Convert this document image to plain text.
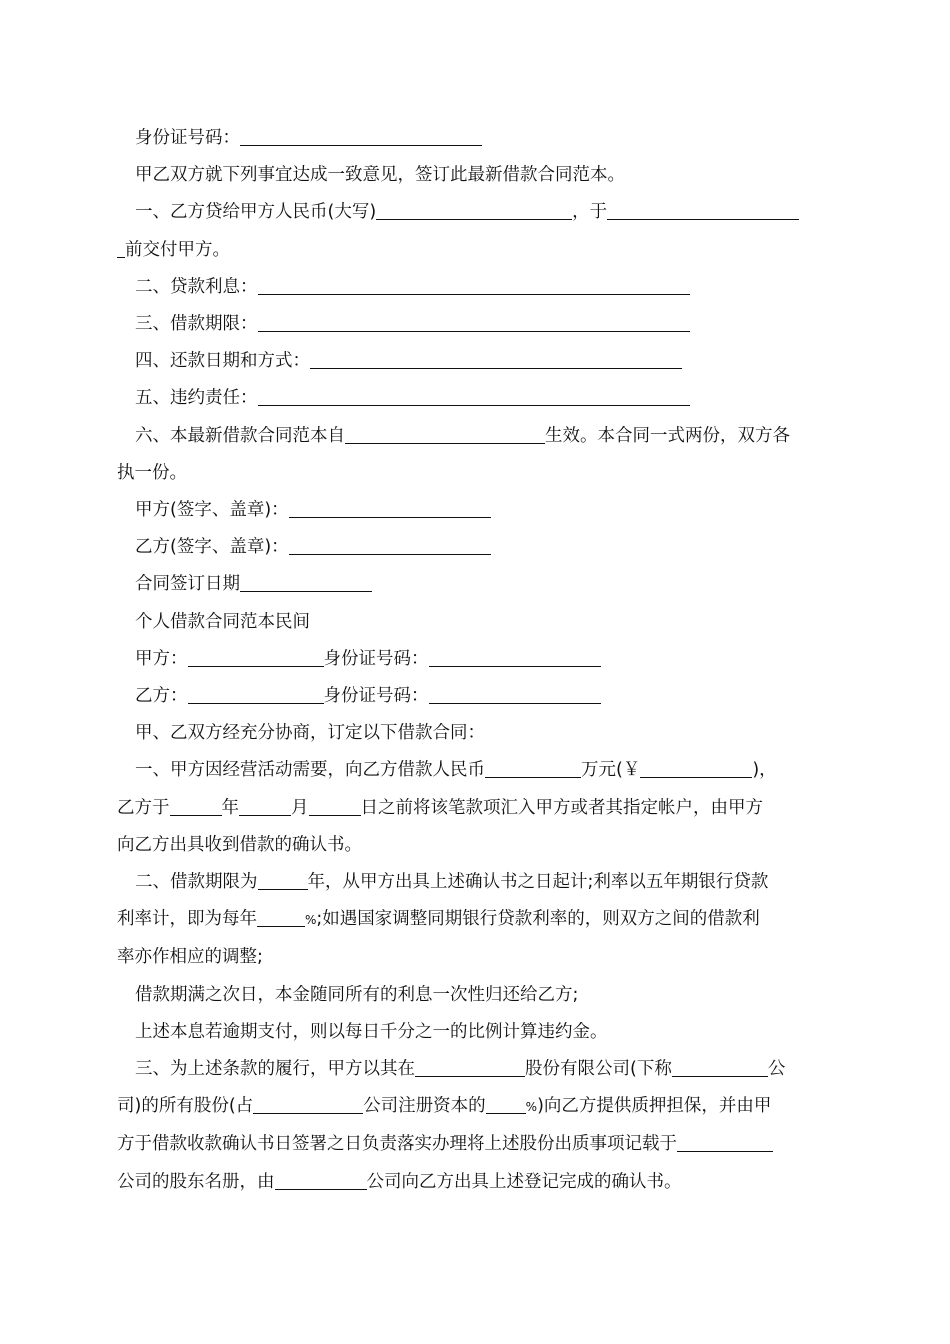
身份证号码：

甲乙双方就下列事宜达成一致意见，签订此最新借款合同范本。

一、乙方贷给甲方人民币(大写)	，于

前交付甲方。

二、贷款利息：

三、借款期限：

四、还款日期和方式：

五、违约责任：

六、本最新借款合同范本自	生效。本合同一式两份，双方各

执一份。

甲方(签字、盖章)：

乙方(签字、盖章)：

合同签订日期

个人借款合同范本民间

甲方：	身份证号码：

乙方：	身份证号码：

甲、乙双方经充分协商，订定以下借款合同：

一、甲方因经营活动需要，向乙方借款人民币	万元(￥	)，

乙方于	年	月	日之前将该笔款项汇入甲方或者其指定帐户，由甲方

向乙方出具收到借款的确认书。

二、借款期限为	年，从甲方出具上述确认书之日起计;利率以五年期银行贷款

利率计，即为每年	%;如遇国家调整同期银行贷款利率的，则双方之间的借款利

率亦作相应的调整;

借款期满之次日，本金随同所有的利息一次性归还给乙方;

上述本息若逾期支付，则以每日千分之一的比例计算违约金。

三、为上述条款的履行，甲方以其在	股份有限公司(下称	公

司)的所有股份(占	公司注册资本的	%)向乙方提供质押担保，并由甲

方于借款收款确认书日签署之日负责落实办理将上述股份出质事项记载于

公司的股东名册，由	公司向乙方出具上述登记完成的确认书。
